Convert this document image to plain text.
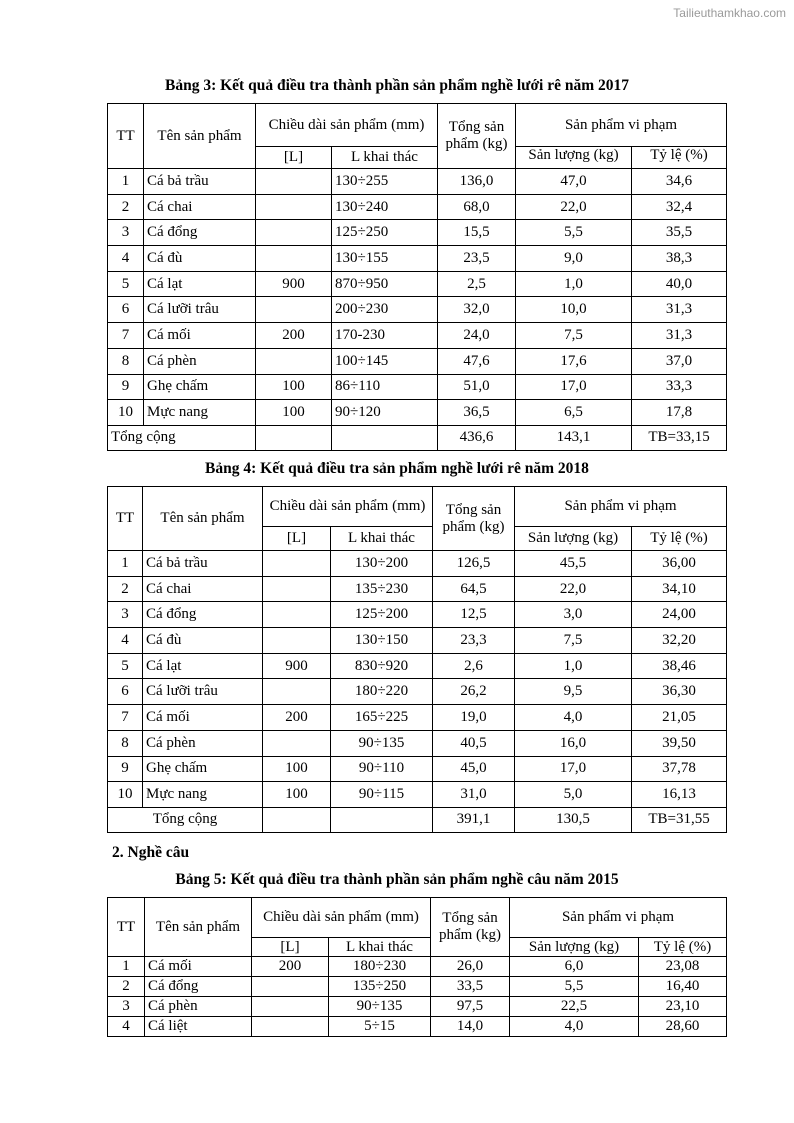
Tailieuthamkhao.com
Bảng 3: Kết quả điều tra thành phần sản phẩm nghề lưới rê năm 2017
TT	Tên sản phẩm	Chiều dài sản phẩm (mm)		Tổng sản phẩm (kg)	Sản phẩm vi phạm	
		[L]	L khai thác		Sản lượng (kg)	Tỷ lệ (%)
1	Cá bả trầu		130÷255	136,0	47,0	34,6
2	Cá chai		130÷240	68,0	22,0	32,4
3	Cá đổng		125÷250	15,5	5,5	35,5
4	Cá đù		130÷155	23,5	9,0	38,3
5	Cá lạt	900	870÷950	2,5	1,0	40,0
6	Cá lưỡi trâu		200÷230	32,0	10,0	31,3
7	Cá mối	200	170-230	24,0	7,5	31,3
8	Cá phèn		100÷145	47,6	17,6	37,0
9	Ghẹ chấm	100	86÷110	51,0	17,0	33,3
10	Mực nang	100	90÷120	36,5	6,5	17,8
Tổng cộng				436,6	143,1	TB=33,15
Bảng 4: Kết quả điều tra sản phẩm nghề lưới rê năm 2018
TT	Tên sản phẩm	Chiều dài sản phẩm (mm)		Tổng sản phẩm (kg)	Sản phẩm vi phạm	
		[L]	L khai thác		Sản lượng (kg)	Tỷ lệ (%)
1	Cá bả trầu		130÷200	126,5	45,5	36,00
2	Cá chai		135÷230	64,5	22,0	34,10
3	Cá đổng		125÷200	12,5	3,0	24,00
4	Cá đù		130÷150	23,3	7,5	32,20
5	Cá lạt	900	830÷920	2,6	1,0	38,46
6	Cá lưỡi trâu		180÷220	26,2	9,5	36,30
7	Cá mối	200	165÷225	19,0	4,0	21,05
8	Cá phèn		90÷135	40,5	16,0	39,50
9	Ghẹ chấm	100	90÷110	45,0	17,0	37,78
10	Mực nang	100	90÷115	31,0	5,0	16,13
Tổng cộng				391,1	130,5	TB=31,55
2. Nghề câu
Bảng 5: Kết quả điều tra thành phần sản phẩm nghề câu năm 2015
TT	Tên sản phẩm	Chiều dài sản phẩm (mm)		Tổng sản phẩm (kg)	Sản phẩm vi phạm	
		[L]	L khai thác		Sản lượng (kg)	Tỷ lệ (%)
1	Cá mối	200	180÷230	26,0	6,0	23,08
2	Cá đổng		135÷250	33,5	5,5	16,40
3	Cá phèn		90÷135	97,5	22,5	23,10
4	Cá liệt		5÷15	14,0	4,0	28,60
